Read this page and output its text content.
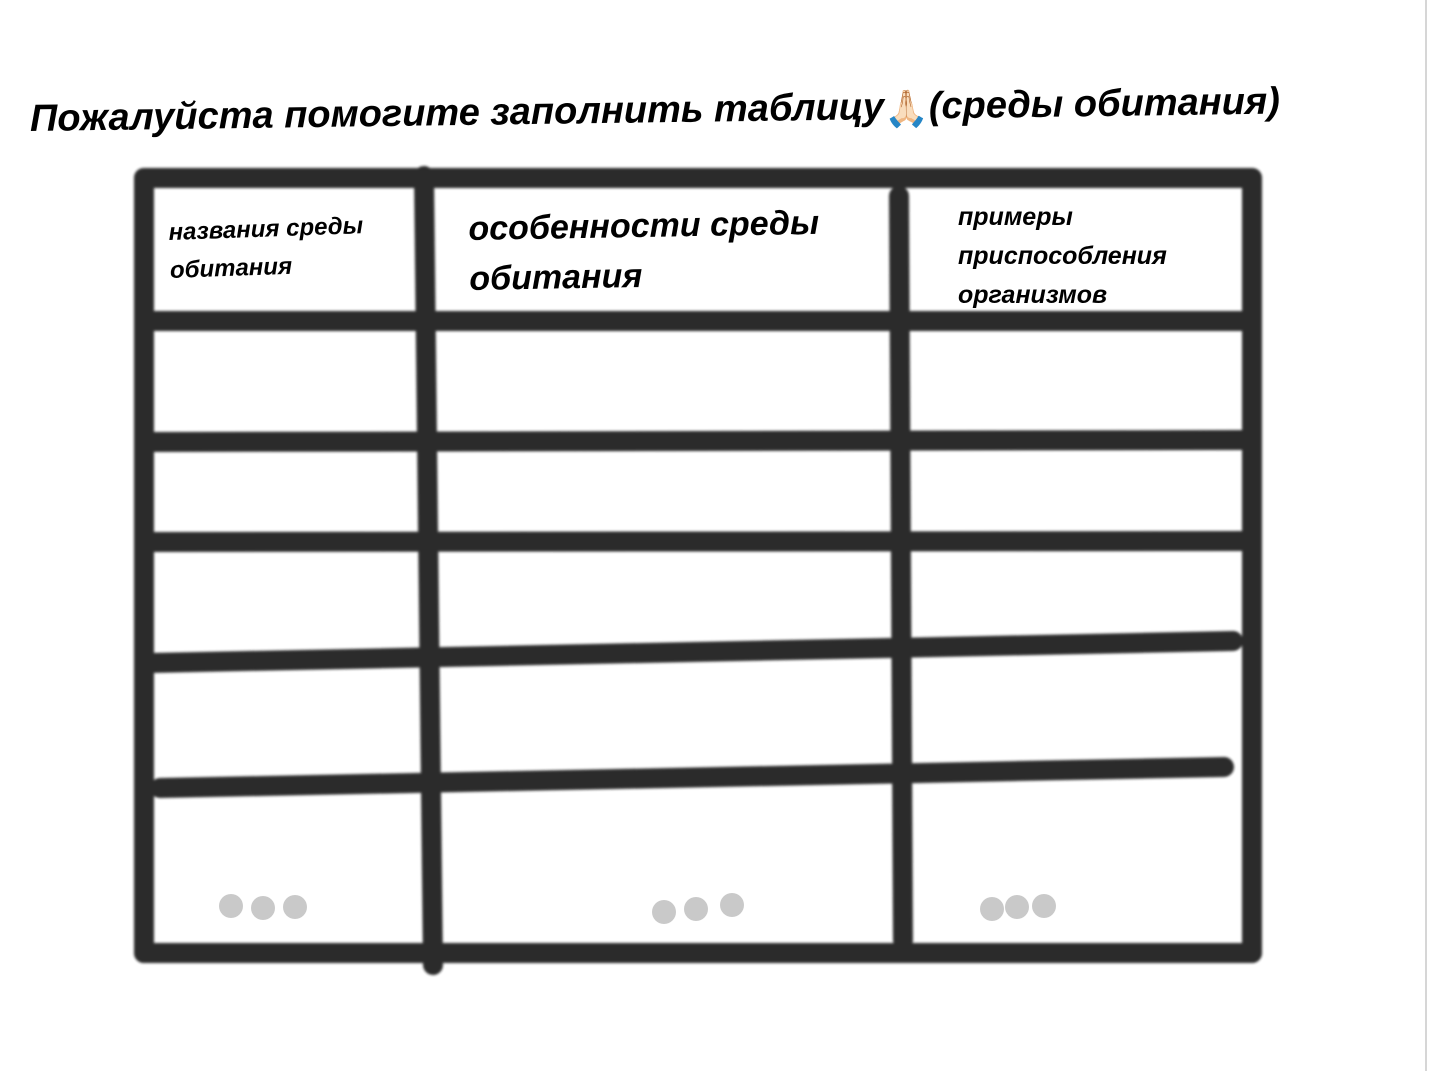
Пожалуйста помогите заполнить таблицу🙏🏻(среды обитания)

названия среды обитания

особенности среды обитания

примеры приспособления организмов
